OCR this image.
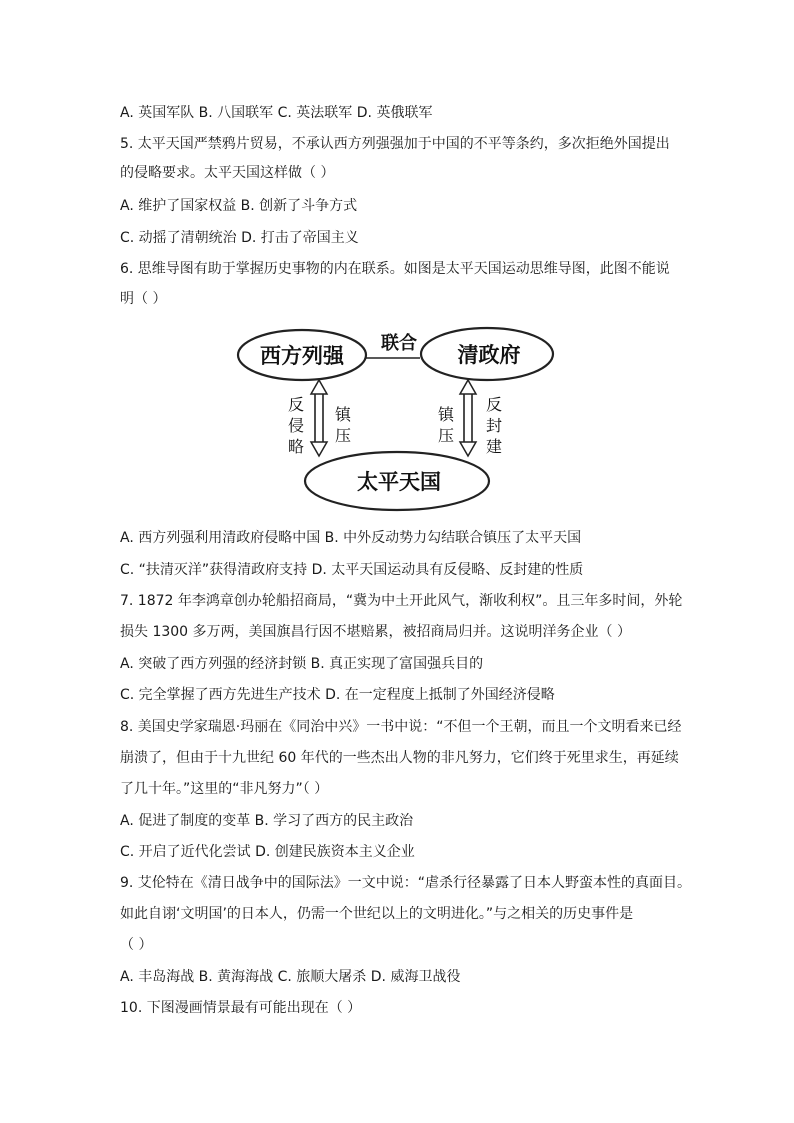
A. 英国军队 B. 八国联军 C. 英法联军 D. 英俄联军
5. 太平天国严禁鸦片贸易，不承认西方列强强加于中国的不平等条约，多次拒绝外国提出
的侵略要求。太平天国这样做（ ）
A. 维护了国家权益 B. 创新了斗争方式
C. 动摇了清朝统治 D. 打击了帝国主义
6. 思维导图有助于掌握历史事物的内在联系。如图是太平天国运动思维导图，此图不能说
明（ ）
西方列强	清政府
联合
太平天国
反
侵
略
镇
压
镇
压
反
封
建
A. 西方列强利用清政府侵略中国 B. 中外反动势力勾结联合镇压了太平天国
C. “扶清灭洋”获得清政府支持 D. 太平天国运动具有反侵略、反封建的性质
7. 1872 年李鸿章创办轮船招商局，“冀为中土开此风气，渐收利权”。且三年多时间，外轮
损失 1300 多万两，美国旗昌行因不堪赔累，被招商局归并。这说明洋务企业（ ）
A. 突破了西方列强的经济封锁 B. 真正实现了富国强兵目的
C. 完全掌握了西方先进生产技术 D. 在一定程度上抵制了外国经济侵略
8. 美国史学家瑞恩·玛丽在《同治中兴》一书中说：“不但一个王朝，而且一个文明看来已经
崩溃了，但由于十九世纪 60 年代的一些杰出人物的非凡努力，它们终于死里求生，再延续
了几十年。”这里的“非凡努力”（ ）
A. 促进了制度的变革 B. 学习了西方的民主政治
C. 开启了近代化尝试 D. 创建民族资本主义企业
9. 艾伦特在《清日战争中的国际法》一文中说：“虐杀行径暴露了日本人野蛮本性的真面目。
如此自诩‘文明国’的日本人，仍需一个世纪以上的文明进化。”与之相关的历史事件是
（ ）
A. 丰岛海战 B. 黄海海战 C. 旅顺大屠杀 D. 威海卫战役
10. 下图漫画情景最有可能出现在（ ）
